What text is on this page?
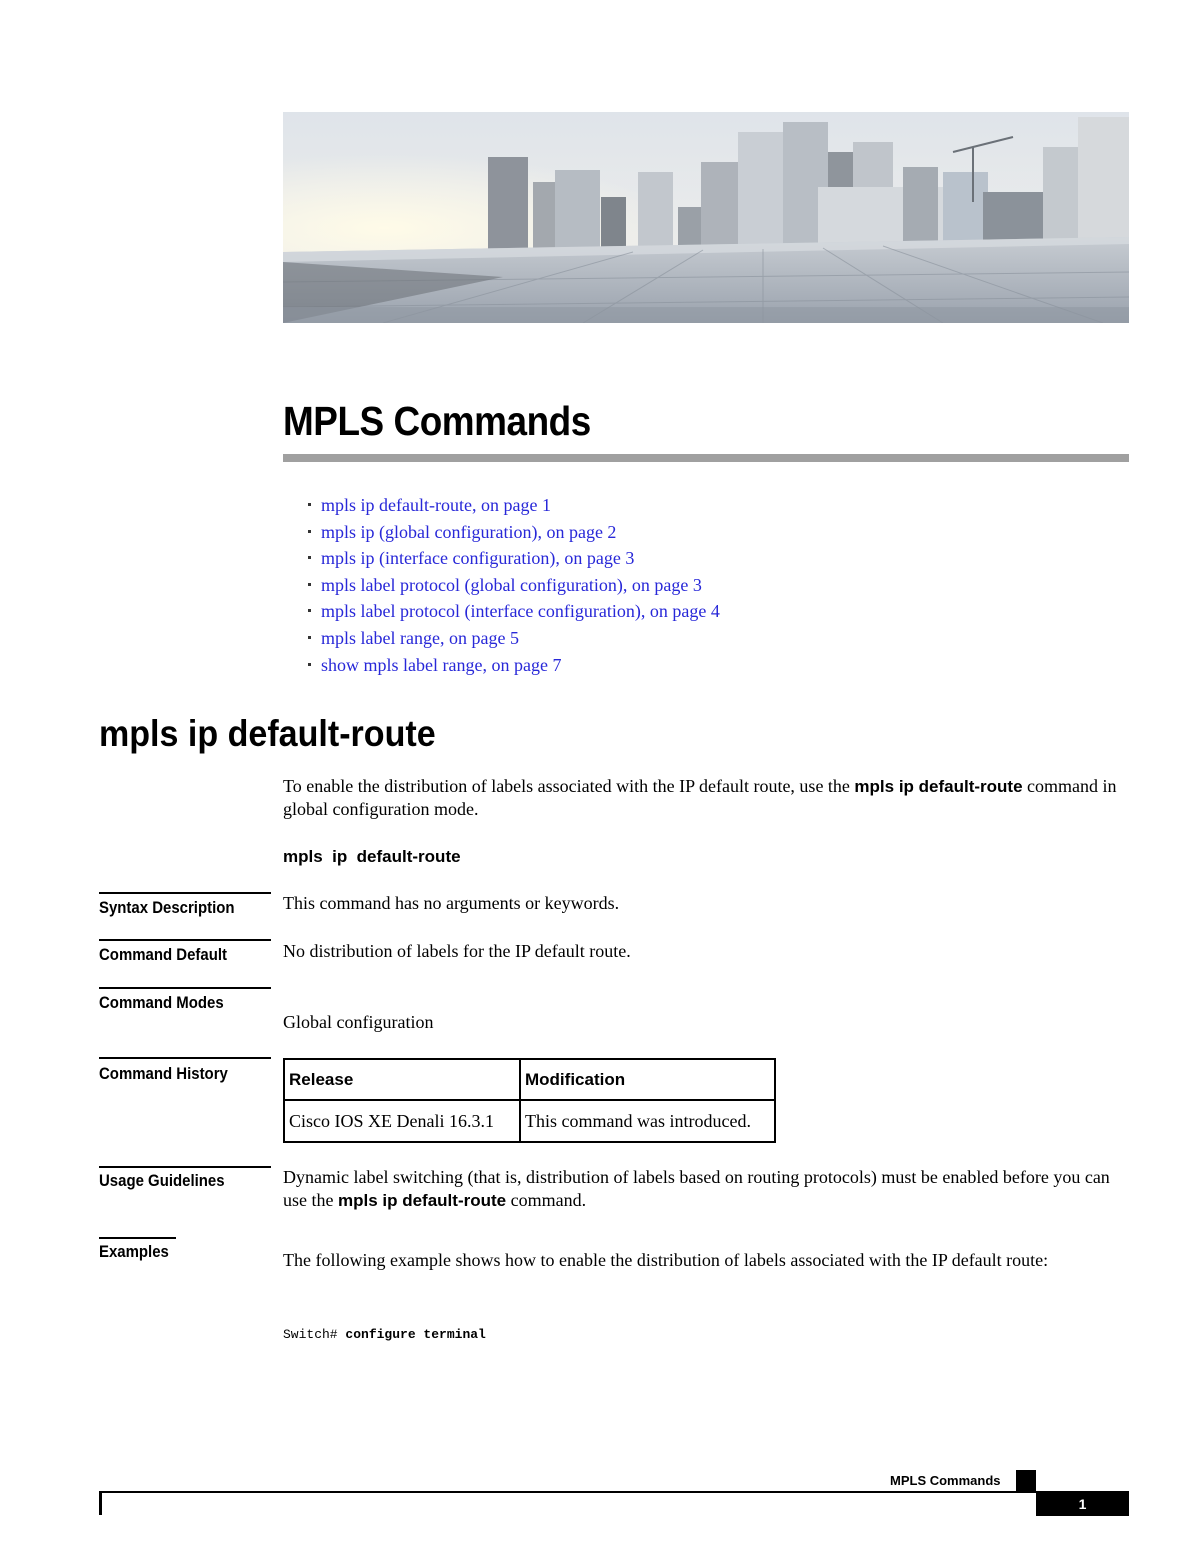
MPLS Commands
mpls ip default-route, on page 1
mpls ip (global configuration), on page 2
mpls ip (interface configuration), on page 3
mpls label protocol (global configuration), on page 3
mpls label protocol (interface configuration), on page 4
mpls label range, on page 5
show mpls label range, on page 7
mpls ip default-route
To enable the distribution of labels associated with the IP default route, use the mpls ip default-route command in global configuration mode.
mpls  ip  default-route
Syntax Description	This command has no arguments or keywords.
Command Default	No distribution of labels for the IP default route.
Command Modes
Global configuration
Command History	Release	Modification
Cisco IOS XE Denali 16.3.1	This command was introduced.
Usage Guidelines	Dynamic label switching (that is, distribution of labels based on routing protocols) must be enabled before you can use the mpls ip default-route command.
Examples	The following example shows how to enable the distribution of labels associated with the IP default route:
Switch# configure terminal
MPLS Commands
1
